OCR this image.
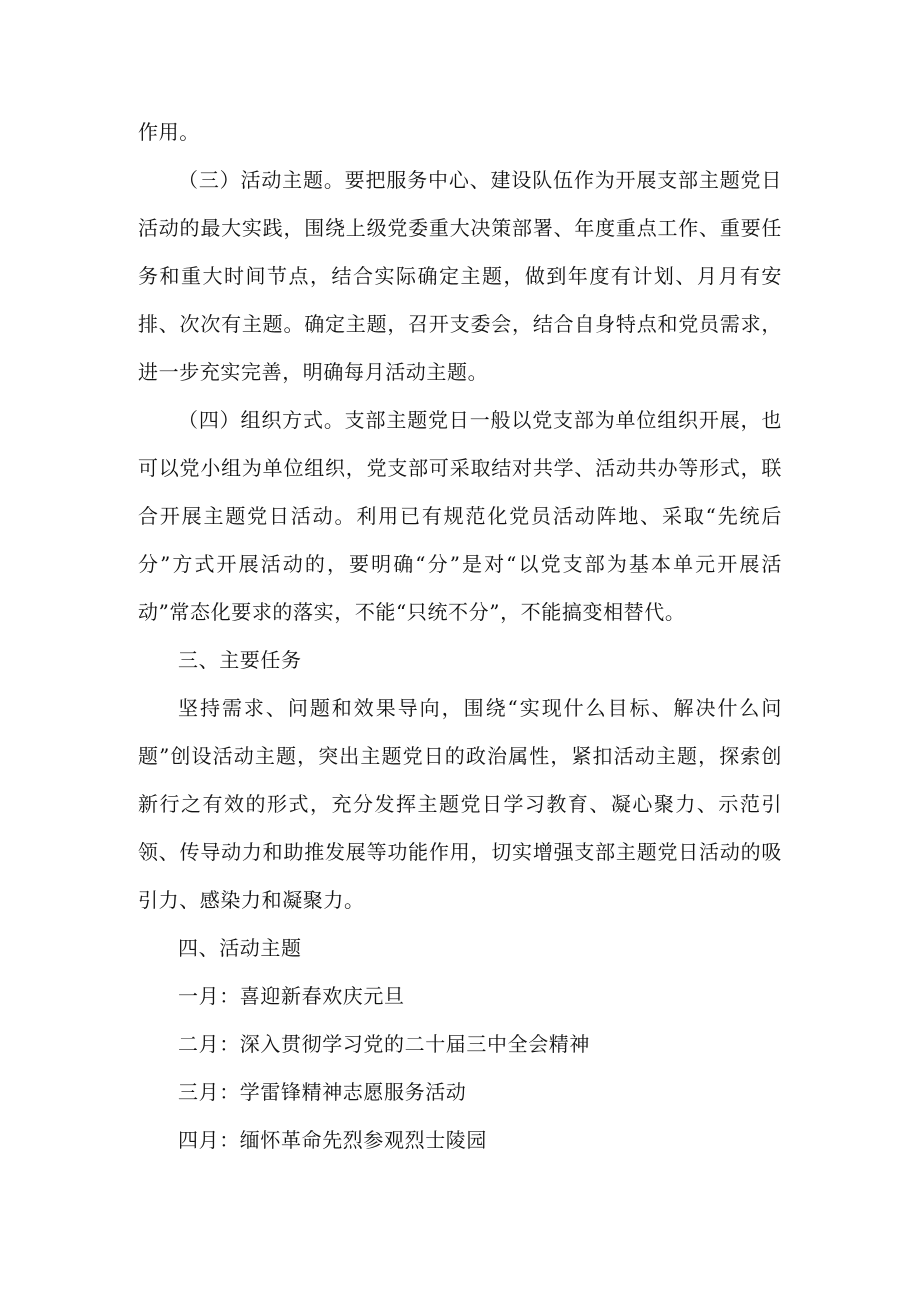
作用。

（三）活动主题。要把服务中心、建设队伍作为开展支部主题党日活动的最大实践，围绕上级党委重大决策部署、年度重点工作、重要任务和重大时间节点，结合实际确定主题，做到年度有计划、月月有安排、次次有主题。确定主题，召开支委会，结合自身特点和党员需求，进一步充实完善，明确每月活动主题。

（四）组织方式。支部主题党日一般以党支部为单位组织开展，也可以党小组为单位组织，党支部可采取结对共学、活动共办等形式，联合开展主题党日活动。利用已有规范化党员活动阵地、采取“先统后分”方式开展活动的，要明确“分”是对“以党支部为基本单元开展活动”常态化要求的落实，不能“只统不分”，不能搞变相替代。

三、主要任务

坚持需求、问题和效果导向，围绕“实现什么目标、解决什么问题”创设活动主题，突出主题党日的政治属性，紧扣活动主题，探索创新行之有效的形式，充分发挥主题党日学习教育、凝心聚力、示范引领、传导动力和助推发展等功能作用，切实增强支部主题党日活动的吸引力、感染力和凝聚力。

四、活动主题

一月：喜迎新春欢庆元旦

二月：深入贯彻学习党的二十届三中全会精神

三月：学雷锋精神志愿服务活动

四月：缅怀革命先烈参观烈士陵园
